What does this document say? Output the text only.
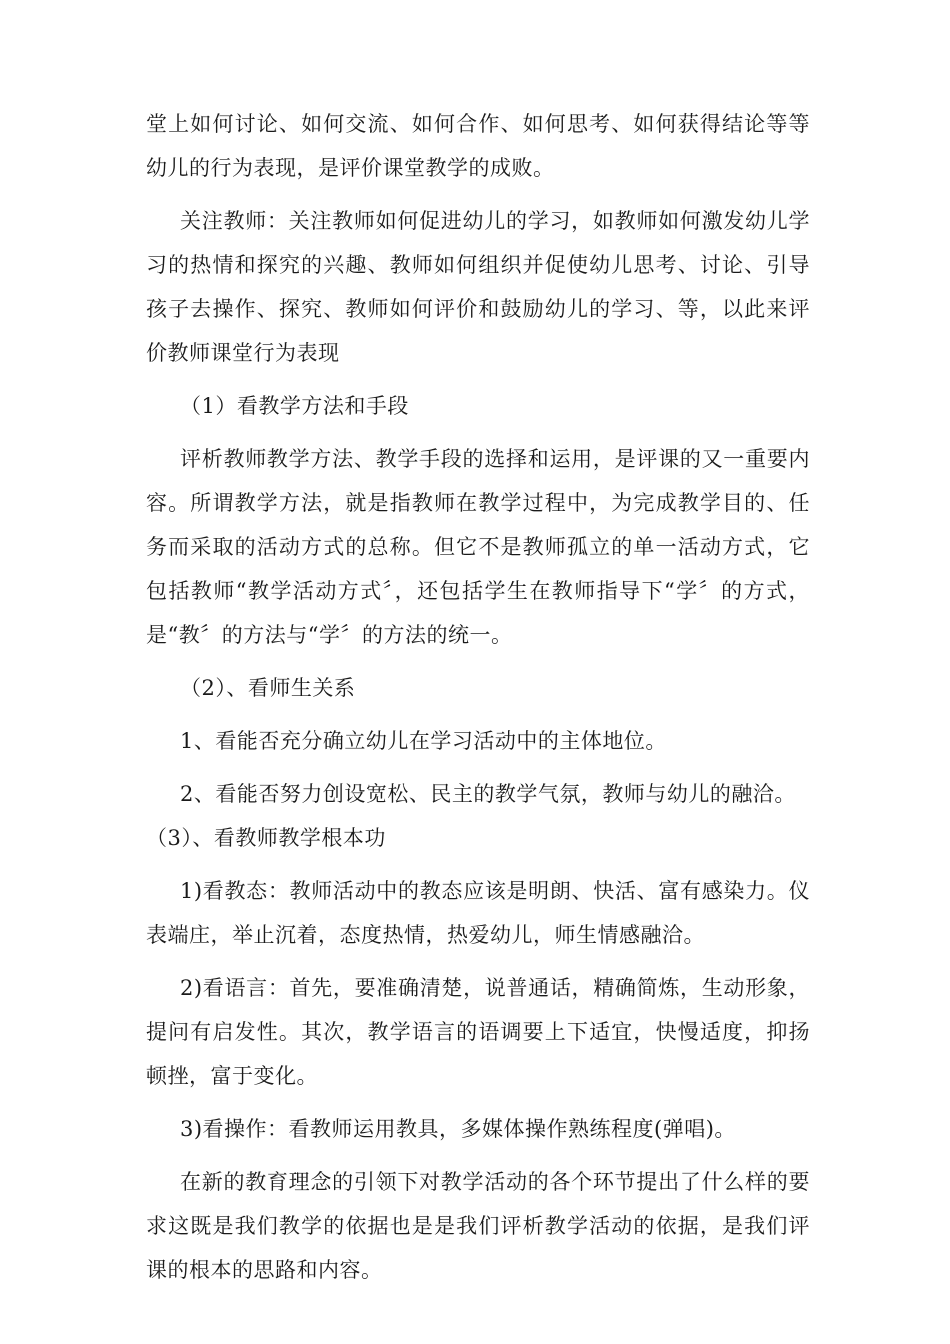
堂上如何讨论、如何交流、如何合作、如何思考、如何获得结论等等幼儿的行为表现，是评价课堂教学的成败。

关注教师：关注教师如何促进幼儿的学习，如教师如何激发幼儿学习的热情和探究的兴趣、教师如何组织并促使幼儿思考、讨论、引导孩子去操作、探究、教师如何评价和鼓励幼儿的学习、等，以此来评价教师课堂行为表现

（1）看教学方法和手段

评析教师教学方法、教学手段的选择和运用，是评课的又一重要内容。所谓教学方法，就是指教师在教学过程中，为完成教学目的、任务而采取的活动方式的总称。但它不是教师孤立的单一活动方式，它包括教师“教学活动方式〞，还包括学生在教师指导下“学〞的方式，是“教〞的方法与“学〞的方法的统一。

（2）、看师生关系

1、看能否充分确立幼儿在学习活动中的主体地位。

2、看能否努力创设宽松、民主的教学气氛，教师与幼儿的融洽。

（3）、看教师教学根本功

1)看教态：教师活动中的教态应该是明朗、快活、富有感染力。仪表端庄，举止沉着，态度热情，热爱幼儿，师生情感融洽。

2)看语言：首先，要准确清楚，说普通话，精确简炼，生动形象，提问有启发性。其次，教学语言的语调要上下适宜，快慢适度，抑扬顿挫，富于变化。

3)看操作：看教师运用教具，多媒体操作熟练程度(弹唱)。

在新的教育理念的引领下对教学活动的各个环节提出了什么样的要求这既是我们教学的依据也是是我们评析教学活动的依据，是我们评课的根本的思路和内容。
